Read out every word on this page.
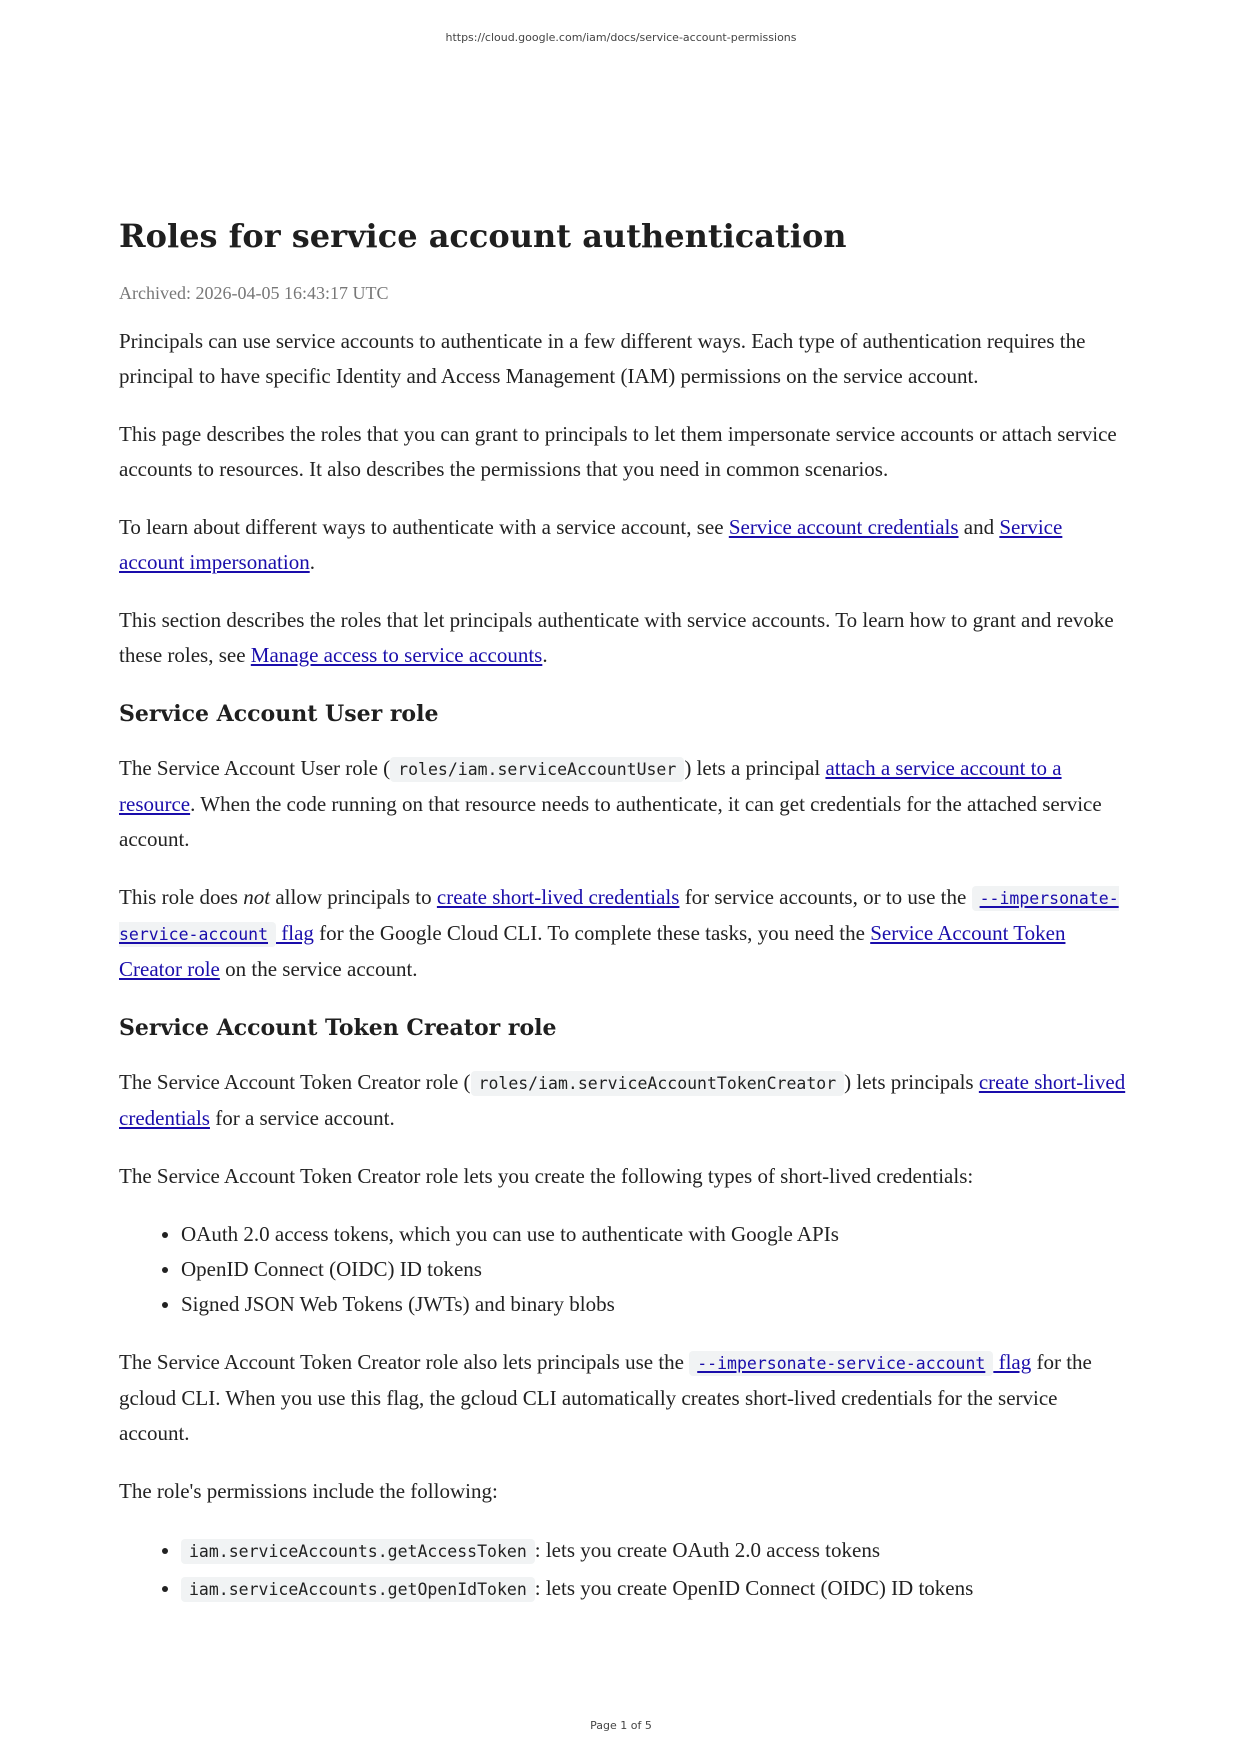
https://cloud.google.com/iam/docs/service-account-permissions
Roles for service account authentication
Archived: 2026-04-05 16:43:17 UTC

Principals can use service accounts to authenticate in a few different ways. Each type of authentication requires the principal to have specific Identity and Access Management (IAM) permissions on the service account.

This page describes the roles that you can grant to principals to let them impersonate service accounts or attach service accounts to resources. It also describes the permissions that you need in common scenarios.

To learn about different ways to authenticate with a service account, see Service account credentials and Service account impersonation.

This section describes the roles that let principals authenticate with service accounts. To learn how to grant and revoke these roles, see Manage access to service accounts.

Service Account User role

The Service Account User role ( roles/iam.serviceAccountUser ) lets a principal attach a service account to a resource. When the code running on that resource needs to authenticate, it can get credentials for the attached service account.

This role does not allow principals to create short-lived credentials for service accounts, or to use the --impersonate-service-account flag for the Google Cloud CLI. To complete these tasks, you need the Service Account Token Creator role on the service account.

Service Account Token Creator role

The Service Account Token Creator role ( roles/iam.serviceAccountTokenCreator ) lets principals create short-lived credentials for a service account.

The Service Account Token Creator role lets you create the following types of short-lived credentials:

• OAuth 2.0 access tokens, which you can use to authenticate with Google APIs
• OpenID Connect (OIDC) ID tokens
• Signed JSON Web Tokens (JWTs) and binary blobs

The Service Account Token Creator role also lets principals use the --impersonate-service-account flag for the gcloud CLI. When you use this flag, the gcloud CLI automatically creates short-lived credentials for the service account.

The role's permissions include the following:

• iam.serviceAccounts.getAccessToken : lets you create OAuth 2.0 access tokens
• iam.serviceAccounts.getOpenIdToken : lets you create OpenID Connect (OIDC) ID tokens
Page 1 of 5
